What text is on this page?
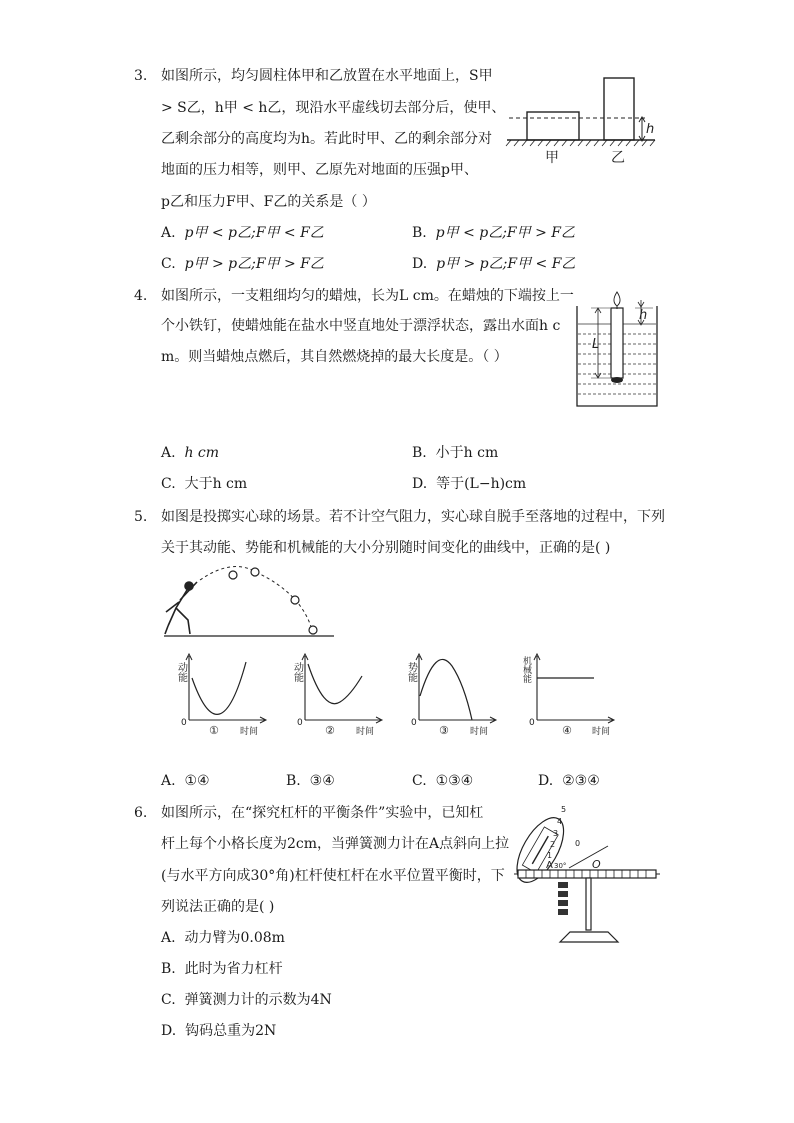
3. 如图所示，均匀圆柱体甲和乙放置在水平地面上，S甲
> S乙，h甲 < h乙，现沿水平虚线切去部分后，使甲、
乙剩余部分的高度均为h。若此时甲、乙的剩余部分对
地面的压力相等，则甲、乙原先对地面的压强p甲、
p乙和压力F甲、F乙的关系是（ ）
A. p甲 < p乙;F甲 < F乙	B. p甲 < p乙;F甲 > F乙
C. p甲 > p乙;F甲 > F乙	D. p甲 > p乙;F甲 < F乙
h
甲	乙
4. 如图所示，一支粗细均匀的蜡烛，长为L cm。在蜡烛的下端按上一
个小铁钉，使蜡烛能在盐水中竖直地处于漂浮状态，露出水面h c
m。则当蜡烛点燃后，其自然燃烧掉的最大长度是。（ ）
A. h cm	B. 小于h cm
C. 大于h cm	D. 等于(L−h)cm
h
L
5. 如图是投掷实心球的场景。若不计空气阻力，实心球自脱手至落地的过程中，下列
关于其动能、势能和机械能的大小分别随时间变化的曲线中，正确的是( )
动能
0
① 时间
动能
0
② 时间
势能
0
③ 时间
机械能
0
④ 时间
A. ①④	B. ③④	C. ①③④	D. ②③④
6. 如图所示，在“探究杠杆的平衡条件”实验中，已知杠
杆上每个小格长度为2cm，当弹簧测力计在A点斜向上拉
(与水平方向成30°角)杠杆使杠杆在水平位置平衡时，下
列说法正确的是( )
A. 动力臂为0.08m
B. 此时为省力杠杆
C. 弹簧测力计的示数为4N
D. 钩码总重为2N
5
4
3
2
1
0
A 30° O
